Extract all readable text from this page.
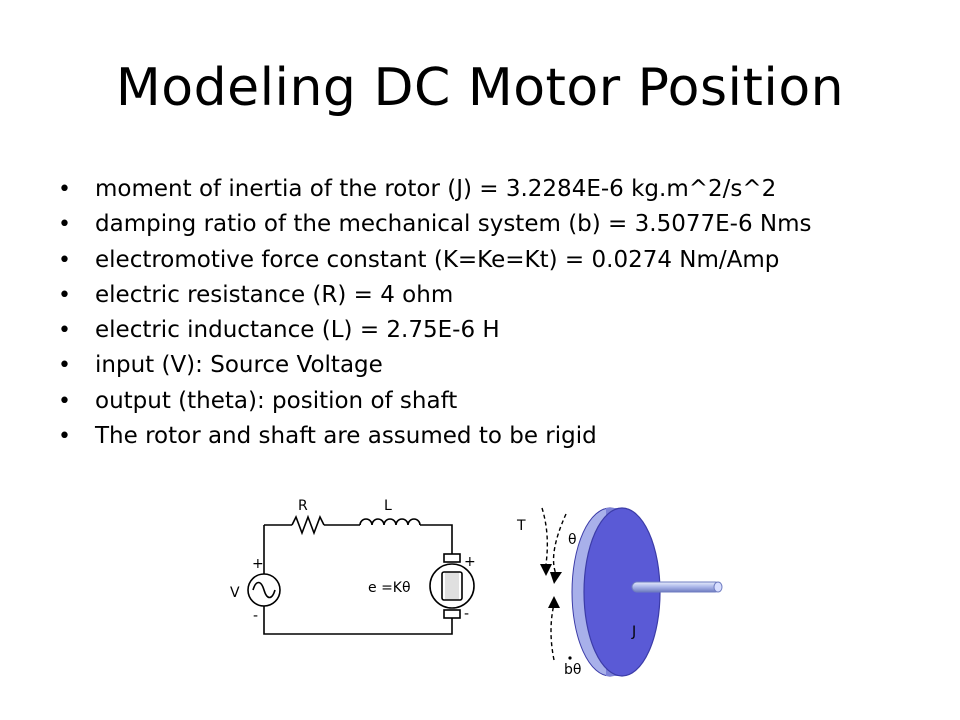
Modeling DC Motor Position
• moment of inertia of the rotor (J) = 3.2284E-6 kg.m^2/s^2
• damping ratio of the mechanical system (b) = 3.5077E-6 Nms
• electromotive force constant (K=Ke=Kt) = 0.0274 Nm/Amp
• electric resistance (R) = 4 ohm
• electric inductance (L) = 2.75E-6 H
• input (V): Source Voltage
• output (theta): position of shaft
• The rotor and shaft are assumed to be rigid
R	L
V
+
-
e =Kθ
+
-
T
θ
J
bθ
